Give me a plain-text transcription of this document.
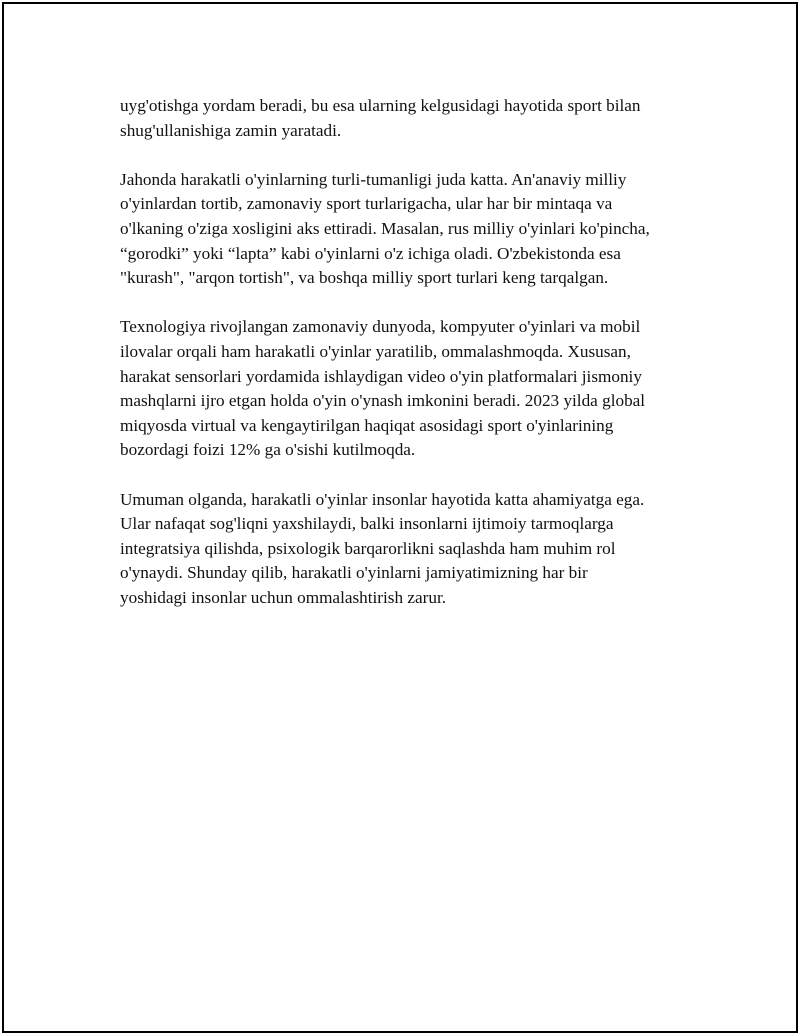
uyg'otishga yordam beradi, bu esa ularning kelgusidagi hayotida sport bilan
shug'ullanishiga zamin yaratadi.

Jahonda harakatli o'yinlarning turli-tumanligi juda katta. An'anaviy milliy
o'yinlardan tortib, zamonaviy sport turlarigacha, ular har bir mintaqa va
o'lkaning o'ziga xosligini aks ettiradi. Masalan, rus milliy o'yinlari ko'pincha,
“gorodki” yoki “lapta” kabi o'yinlarni o'z ichiga oladi. O'zbekistonda esa
"kurash", "arqon tortish", va boshqa milliy sport turlari keng tarqalgan.

Texnologiya rivojlangan zamonaviy dunyoda, kompyuter o'yinlari va mobil
ilovalar orqali ham harakatli o'yinlar yaratilib, ommalashmoqda. Xususan,
harakat sensorlari yordamida ishlaydigan video o'yin platformalari jismoniy
mashqlarni ijro etgan holda o'yin o'ynash imkonini beradi. 2023 yilda global
miqyosda virtual va kengaytirilgan haqiqat asosidagi sport o'yinlarining
bozordagi foizi 12% ga o'sishi kutilmoqda.

Umuman olganda, harakatli o'yinlar insonlar hayotida katta ahamiyatga ega.
Ular nafaqat sog'liqni yaxshilaydi, balki insonlarni ijtimoiy tarmoqlarga
integratsiya qilishda, psixologik barqarorlikni saqlashda ham muhim rol
o'ynaydi. Shunday qilib, harakatli o'yinlarni jamiyatimizning har bir
yoshidagi insonlar uchun ommalashtirish zarur.
